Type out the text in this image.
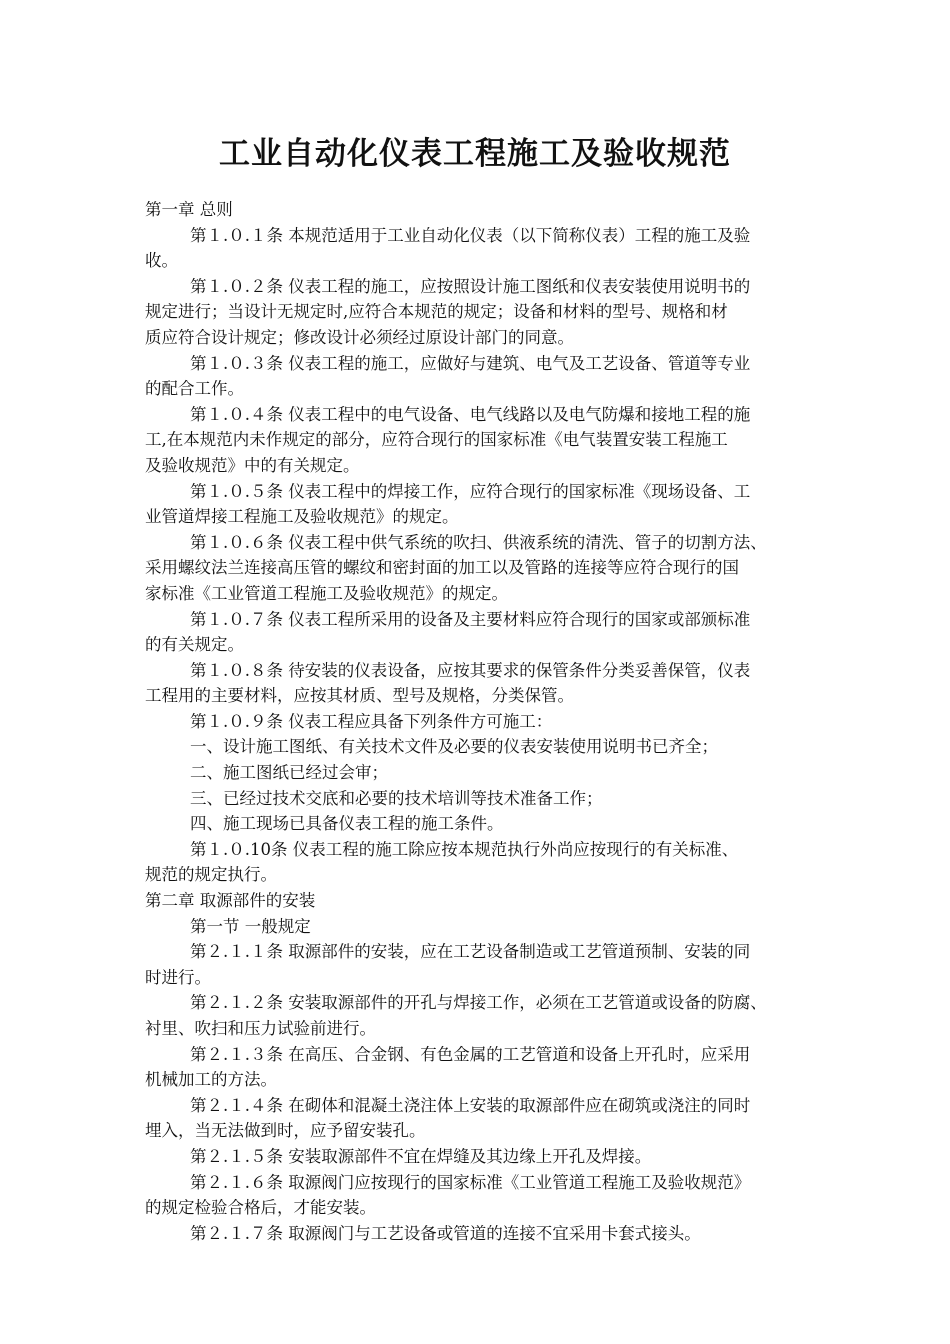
工业自动化仪表工程施工及验收规范
第一章 总则
第１.０.１条 本规范适用于工业自动化仪表（以下简称仪表）工程的施工及验
收。
第１.０.２条 仪表工程的施工，应按照设计施工图纸和仪表安装使用说明书的
规定进行；当设计无规定时,应符合本规范的规定；设备和材料的型号、规格和材
质应符合设计规定；修改设计必须经过原设计部门的同意。
第１.０.３条 仪表工程的施工，应做好与建筑、电气及工艺设备、管道等专业
的配合工作。
第１.０.４条 仪表工程中的电气设备、电气线路以及电气防爆和接地工程的施
工,在本规范内未作规定的部分，应符合现行的国家标准《电气装置安装工程施工
及验收规范》中的有关规定。
第１.０.５条 仪表工程中的焊接工作，应符合现行的国家标准《现场设备、工
业管道焊接工程施工及验收规范》的规定。
第１.０.６条 仪表工程中供气系统的吹扫、供液系统的清洗、管子的切割方法、
采用螺纹法兰连接高压管的螺纹和密封面的加工以及管路的连接等应符合现行的国
家标准《工业管道工程施工及验收规范》的规定。
第１.０.７条 仪表工程所采用的设备及主要材料应符合现行的国家或部颁标准
的有关规定。
第１.０.８条 待安装的仪表设备，应按其要求的保管条件分类妥善保管，仪表
工程用的主要材料，应按其材质、型号及规格，分类保管。
第１.０.９条 仪表工程应具备下列条件方可施工：
一、设计施工图纸、有关技术文件及必要的仪表安装使用说明书已齐全；
二、施工图纸已经过会审；
三、已经过技术交底和必要的技术培训等技术准备工作；
四、施工现场已具备仪表工程的施工条件。
第１.０.10条 仪表工程的施工除应按本规范执行外尚应按现行的有关标准、
规范的规定执行。
第二章 取源部件的安装
第一节 一般规定
第２.１.１条 取源部件的安装，应在工艺设备制造或工艺管道预制、安装的同
时进行。
第２.１.２条 安装取源部件的开孔与焊接工作，必须在工艺管道或设备的防腐、
衬里、吹扫和压力试验前进行。
第２.１.３条 在高压、合金钢、有色金属的工艺管道和设备上开孔时，应采用
机械加工的方法。
第２.１.４条 在砌体和混凝土浇注体上安装的取源部件应在砌筑或浇注的同时
埋入，当无法做到时，应予留安装孔。
第２.１.５条 安装取源部件不宜在焊缝及其边缘上开孔及焊接。
第２.１.６条 取源阀门应按现行的国家标准《工业管道工程施工及验收规范》
的规定检验合格后，才能安装。
第２.１.７条 取源阀门与工艺设备或管道的连接不宜采用卡套式接头。
